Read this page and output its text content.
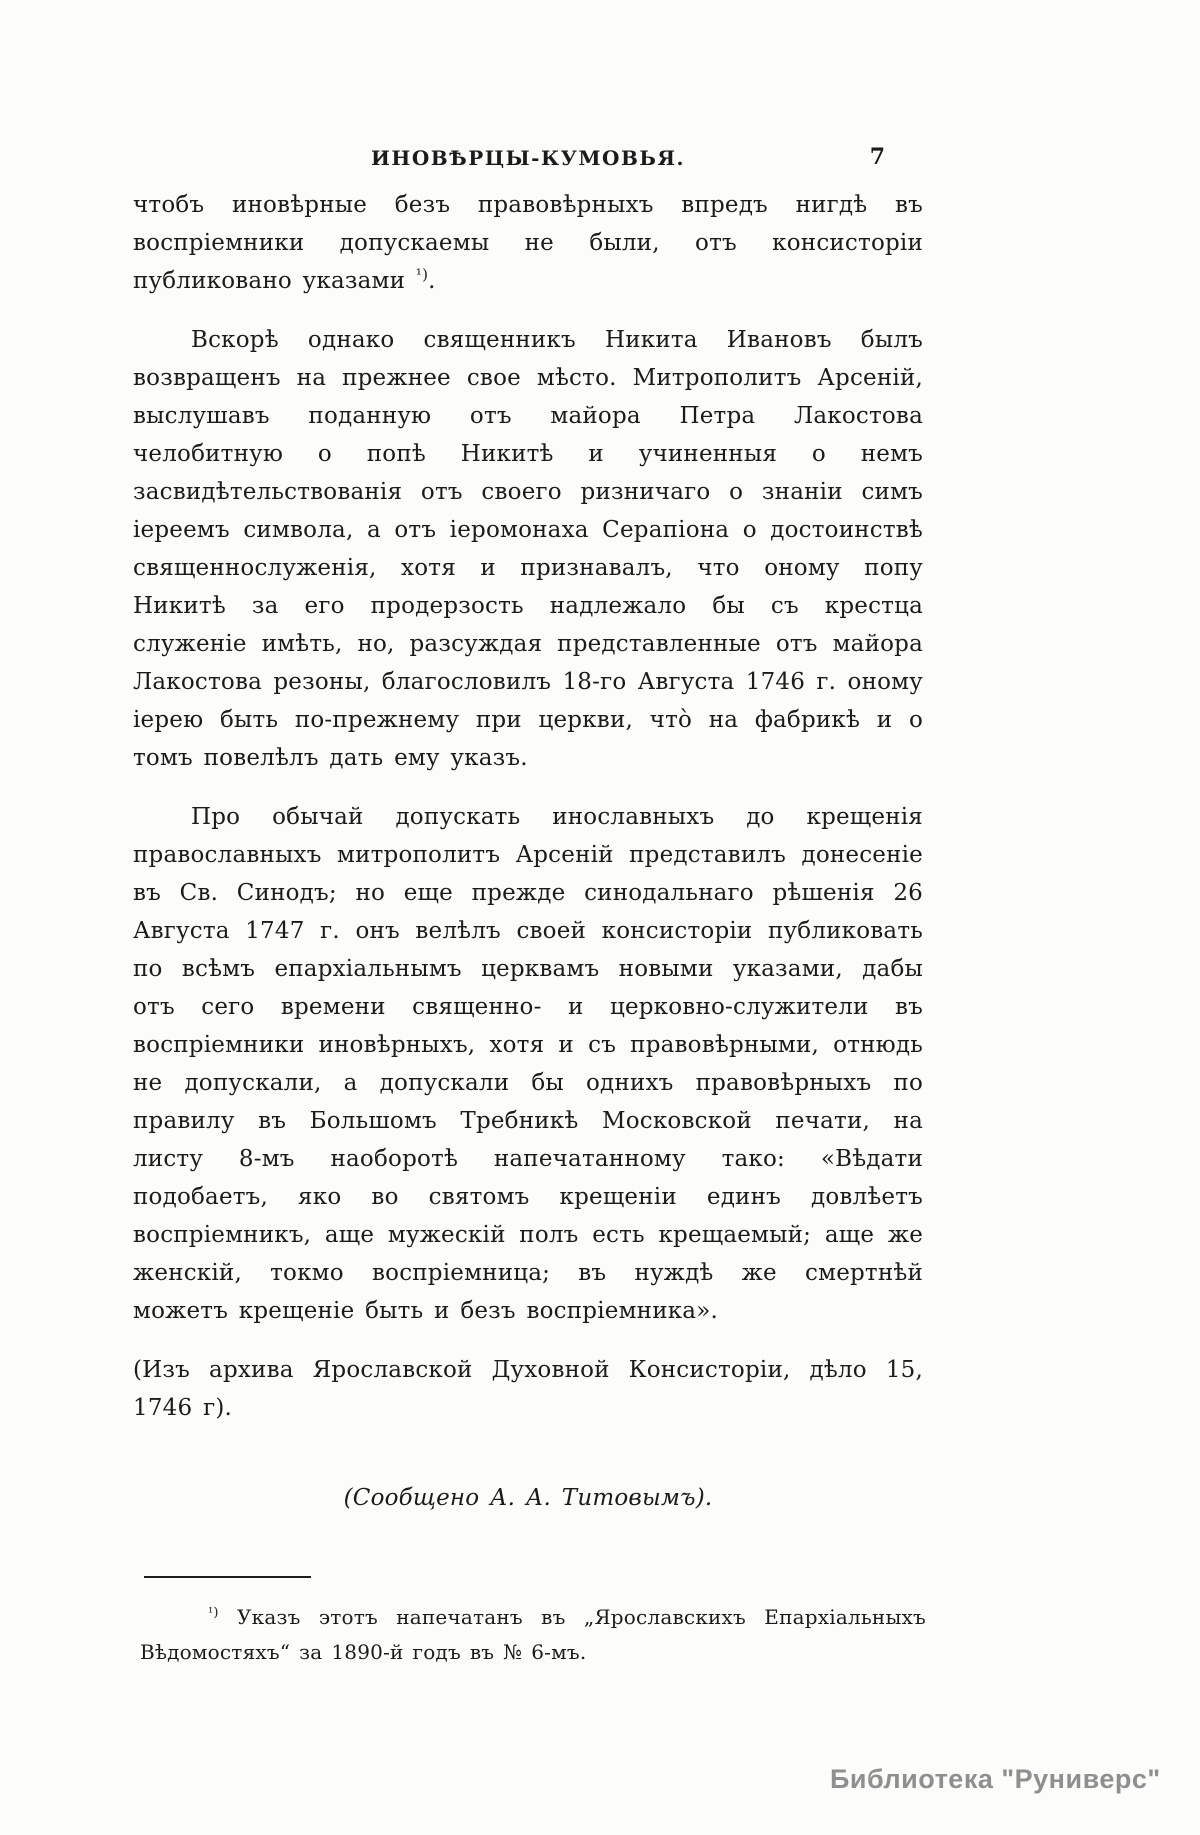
ИНОВѢРЦЫ-КУМОВЬЯ.	7

чтобъ иновѣрные безъ правовѣрныхъ впредъ нигдѣ въ воспріемники допускаемы не были, отъ консисторіи публиковано указами $^{^1)}$.

Вскорѣ однако священникъ Никита Ивановъ былъ возвращенъ на прежнее свое мѣсто. Митрополитъ Арсеній, выслушавъ поданную отъ майора Петра Лакостова челобитную о попѣ Никитѣ и учиненныя о немъ засвидѣтельствованія отъ своего ризничаго о знаніи симъ іереемъ символа, а отъ іеромонаха Серапіона о достоинствѣ священнослуженія, хотя и признавалъ, что оному попу Никитѣ за его продерзость надлежало бы съ крестца служеніе имѣть, но, разсуждая представленные отъ майора Лакостова резоны, благословилъ 18-го Августа 1746 г. оному іерею быть по-прежнему при церкви, чтò на фабрикѣ и о томъ повелѣлъ дать ему указъ.

Про обычай допускать инославныхъ до крещенія православныхъ митрополитъ Арсеній представилъ донесеніе въ Св. Синодъ; но еще прежде синодальнаго рѣшенія 26 Августа 1747 г. онъ велѣлъ своей консисторіи публиковать по всѣмъ епархіальнымъ церквамъ новыми указами, дабы отъ сего времени священно- и церковно-служители въ воспріемники иновѣрныхъ, хотя и съ правовѣрными, отнюдь не допускали, а допускали бы однихъ правовѣрныхъ по правилу въ Большомъ Требникѣ Московской печати, на листу 8-мъ наоборотѣ напечатанному тако: «Вѣдати подобаетъ, яко во святомъ крещеніи единъ довлѣетъ воспріемникъ, аще мужескій полъ есть крещаемый; аще же женскій, токмо воспріемница; въ нуждѣ же смертнѣй можетъ крещеніе быть и безъ воспріемника».

(Изъ архива Ярославской Духовной Консисторіи, дѣло 15, 1746 г).

(Сообщено А. А. Титовымъ).

$^{^1)}$ Указъ этотъ напечатанъ въ „Ярославскихъ Епархіальныхъ Вѣдомостяхъ“ за 1890-й годъ въ № 6-мъ.

Библиотека "Руниверс"
